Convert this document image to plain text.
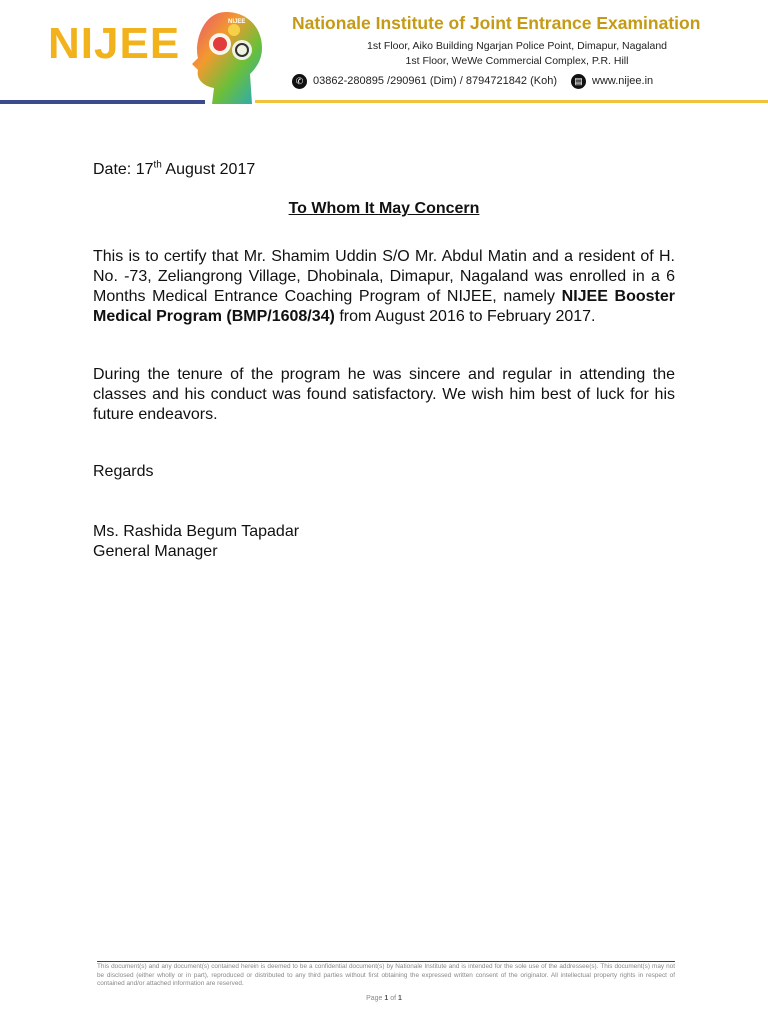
NIJEE	NIJEE	Nationale Institute of Joint Entrance Examination
1st Floor, Aiko Building Ngarjan Police Point, Dimapur, Nagaland
1st Floor, WeWe Commercial Complex, P.R. Hill
✆ 03862-280895 /290961 (Dim) / 8794721842 (Koh)	▤ www.nijee.in
Date: 17th August 2017
To Whom It May Concern
This is to certify that Mr. Shamim Uddin S/O Mr. Abdul Matin and a resident of H. No. -73, Zeliangrong Village, Dhobinala, Dimapur, Nagaland was enrolled in a 6 Months Medical Entrance Coaching Program of NIJEE, namely NIJEE Booster Medical Program (BMP/1608/34) from August 2016 to February 2017.
During the tenure of the program he was sincere and regular in attending the classes and his conduct was found satisfactory. We wish him best of luck for his future endeavors.
Regards
Ms. Rashida Begum Tapadar
General Manager
This document(s) and any document(s) contained herein is deemed to be a confidential document(s) by Nationale Institute and is intended for the sole use of the addressee(s). This document(s) may not be disclosed (either wholly or in part), reproduced or distributed to any third parties without first obtaining the expressed written consent of the originator. All intellectual property rights in respect of contained and/or attached information are reserved.
Page 1 of 1
